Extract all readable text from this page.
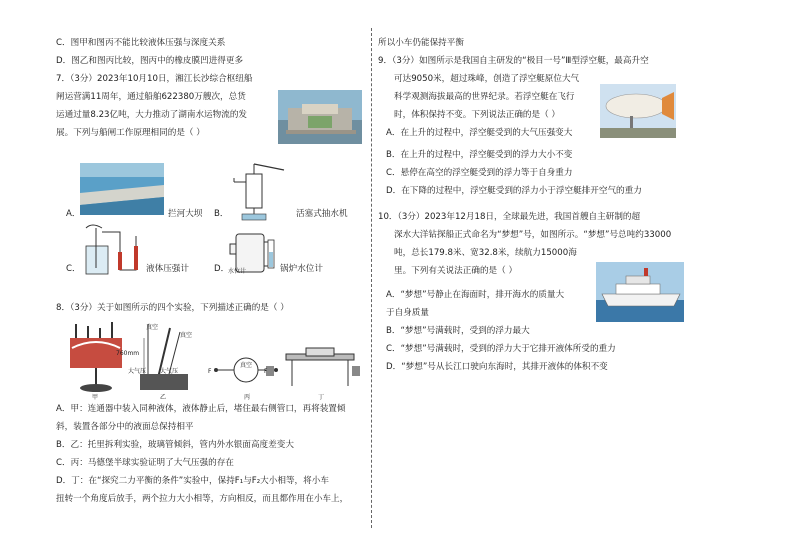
C．图甲和图丙不能比较液体压强与深度关系
D．图乙和图丙比较，图丙中的橡皮膜凹进得更多
7．（3分）2023年10月10日，湘江长沙综合枢纽船
闸运营满11周年，通过船舶622380万艘次，总货
运通过量8.23亿吨，大力推动了湖南水运物流的发
展。下列与船闸工作原理相同的是（ ）
A．	拦河大坝 B．	活塞式抽水机
C．	液体压强计	D．
水位计	锅炉水位计
8．（3分）关于如图所示的四个实验，下列描述正确的是（ ）
真空
真空
真空
760mm
大气压 大气压	F	F
甲	乙	丙	丁
A．甲：连通器中装入同种液体，液体静止后，堵住最右侧管口，再将装置倾
斜，装置各部分中的液面总保持相平
B．乙：托里拆利实验，玻璃管倾斜，管内外水银面高度差变大
C．丙：马德堡半球实验证明了大气压强的存在
D．丁：在“探究二力平衡的条件”实验中，保持F₁与F₂大小相等，将小车
扭转一个角度后放手，两个拉力大小相等，方向相反，而且都作用在小车上，
所以小车仍能保持平衡
9．（3分）如图所示是我国自主研发的“极目一号”Ⅲ型浮空艇，最高升空
可达9050米，超过珠峰，创造了浮空艇原位大气
科学观测海拔最高的世界纪录。若浮空艇在飞行
时，体积保持不变。下列说法正确的是（ ）
A．在上升的过程中，浮空艇受到的大气压强变大
B．在上升的过程中，浮空艇受到的浮力大小不变
C．悬停在高空的浮空艇受到的浮力等于自身重力
D．在下降的过程中，浮空艇受到的浮力小于浮空艇排开空气的重力
10．（3分）2023年12月18日，全球最先进，我国首艘自主研制的超
深水大洋钻探船正式命名为“梦想”号，如图所示。“梦想”号总吨约33000
吨，总长179.8米、宽32.8米，续航力15000海
里。下列有关说法正确的是（ ）
A．“梦想”号静止在海面时，排开海水的质量大
于自身质量
B．“梦想”号满载时，受到的浮力最大
C．“梦想”号满载时，受到的浮力大于它排开液体所受的重力
D．“梦想”号从长江口驶向东海时，其排开液体的体积不变
